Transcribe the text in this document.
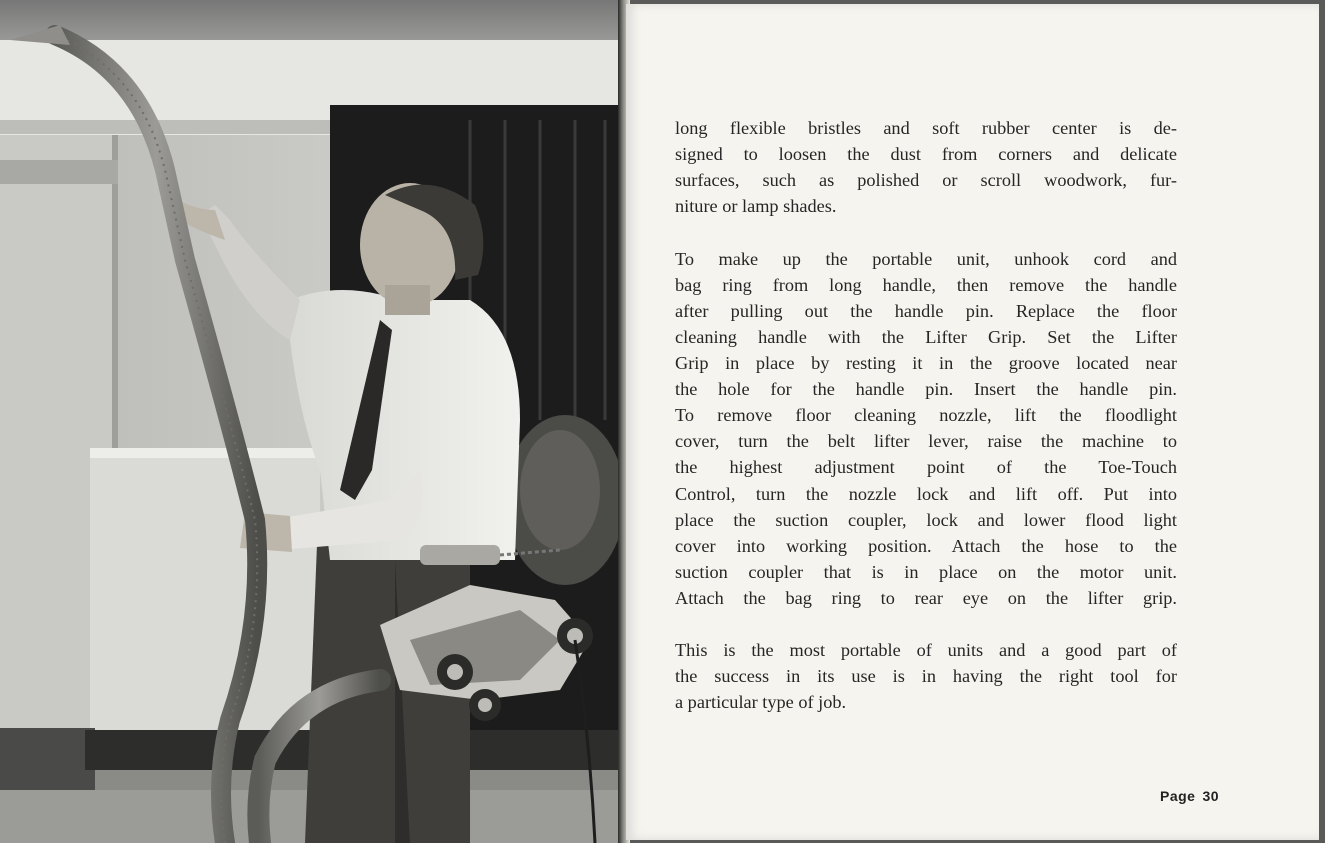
long flexible bristles and soft rubber center is de-
signed to loosen the dust from corners and delicate
surfaces, such as polished or scroll woodwork, fur-
niture or lamp shades.

To make up the portable unit, unhook cord and
bag ring from long handle, then remove the handle
after pulling out the handle pin. Replace the floor
cleaning handle with the Lifter Grip. Set the Lifter
Grip in place by resting it in the groove located near
the hole for the handle pin. Insert the handle pin.
To remove floor cleaning nozzle, lift the floodlight
cover, turn the belt lifter lever, raise the machine to
the highest adjustment point of the Toe-Touch
Control, turn the nozzle lock and lift off. Put into
place the suction coupler, lock and lower flood light
cover into working position. Attach the hose to the
suction coupler that is in place on the motor unit.
Attach the bag ring to rear eye on the lifter grip.

This is the most portable of units and a good part of
the success in its use is in having the right tool for
a particular type of job.

Page 30
